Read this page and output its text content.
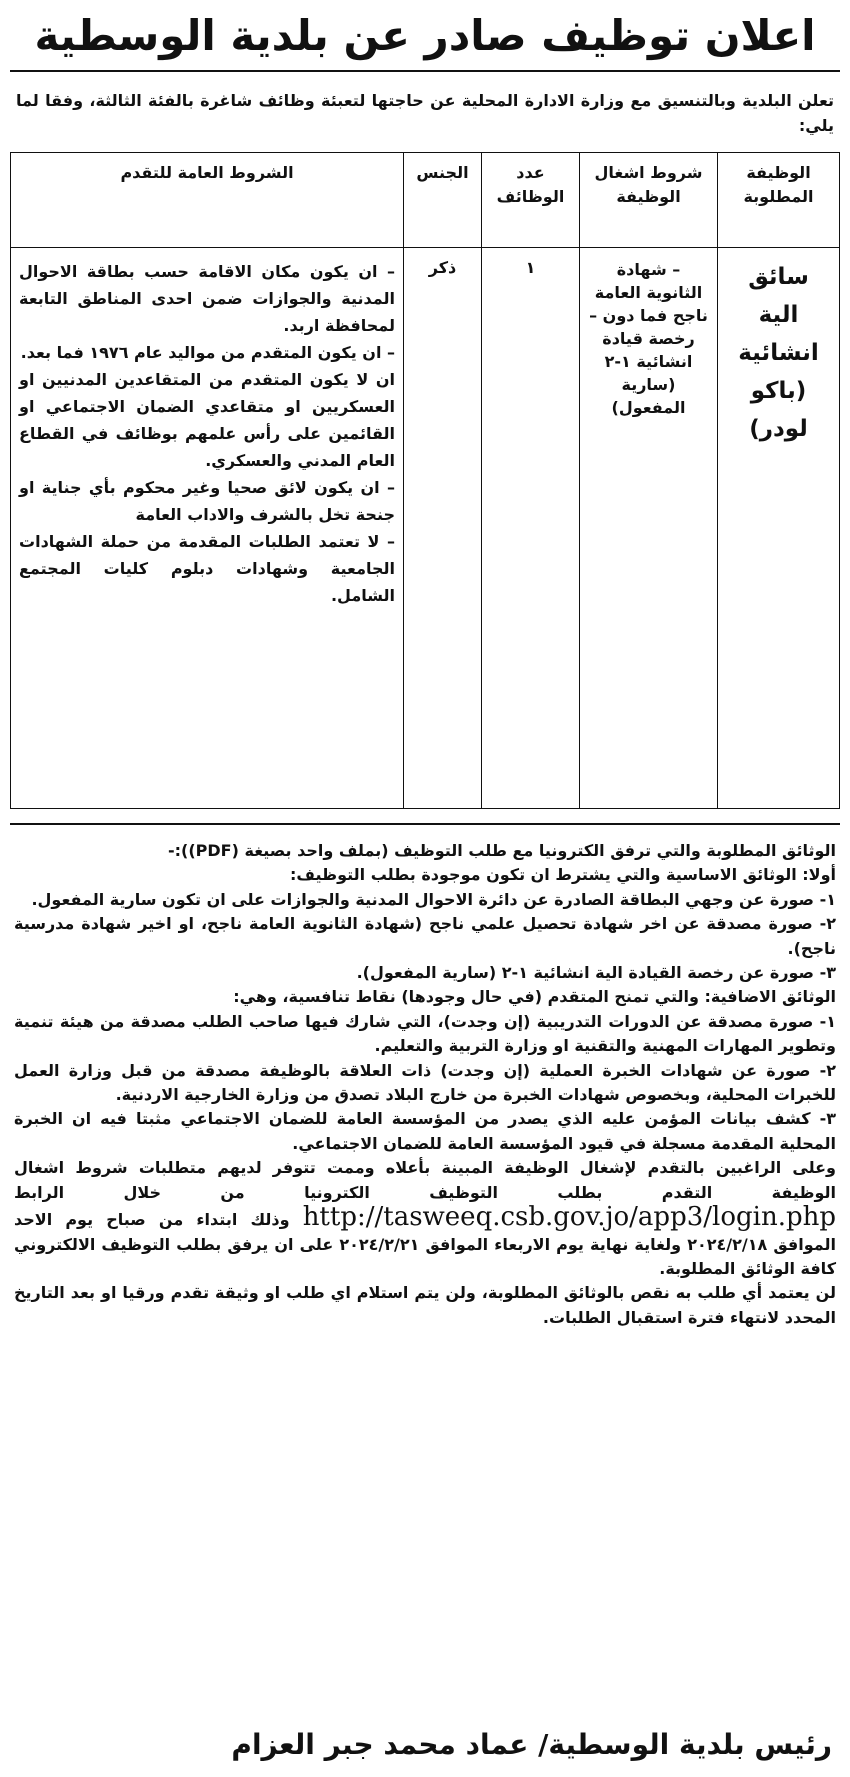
اعلان توظيف صادر عن بلدية الوسطية

تعلن البلدية وبالتنسيق مع وزارة الادارة المحلية عن حاجتها لتعبئة وظائف شاغرة بالفئة الثالثة، وفقا لما يلي:

الوظيفة المطلوبة	شروط اشغال الوظيفة	عدد الوظائف	الجنس	الشروط العامة للتقدم
سائق الية انشائية (باكو لودر)	– شهادة الثانوية العامة ناجح فما دون – رخصة قيادة انشائية ١-٢ (سارية المفعول)	١	ذكر	– ان يكون مكان الاقامة حسب بطاقة الاحوال المدنية والجوازات ضمن احدى المناطق التابعة لمحافظة اربد.
– ان يكون المتقدم من مواليد عام ١٩٧٦ فما بعد.
ان لا يكون المتقدم من المتقاعدين المدنيين او العسكريين او متقاعدي الضمان الاجتماعي او القائمين على رأس علمهم بوظائف في القطاع العام المدني والعسكري.
– ان يكون لائق صحيا وغير محكوم بأي جناية او جنحة تخل بالشرف والاداب العامة
– لا تعتمد الطلبات المقدمة من حملة الشهادات الجامعية وشهادات دبلوم كليات المجتمع الشامل.

الوثائق المطلوبة والتي ترفق الكترونيا مع طلب التوظيف (بملف واحد بصيغة (PDF)):-

أولا: الوثائق الاساسية والتي يشترط ان تكون موجودة بطلب التوظيف:

١- صورة عن وجهي البطاقة الصادرة عن دائرة الاحوال المدنية والجوازات على ان تكون سارية المفعول.

٢- صورة مصدقة عن اخر شهادة تحصيل علمي ناجح (شهادة الثانوية العامة ناجح، او اخير شهادة مدرسية ناجح).

٣- صورة عن رخصة القيادة الية انشائية ١-٢ (سارية المفعول).

الوثائق الاضافية: والتي تمنح المتقدم (في حال وجودها) نقاط تنافسية، وهي:

١- صورة مصدقة عن الدورات التدريبية (إن وجدت)، التي شارك فيها صاحب الطلب مصدقة من هيئة تنمية وتطوير المهارات المهنية والتقنية او وزارة التربية والتعليم.

٢- صورة عن شهادات الخبرة العملية (إن وجدت) ذات العلاقة بالوظيفة مصدقة من قبل وزارة العمل للخبرات المحلية، وبخصوص شهادات الخبرة من خارج البلاد تصدق من وزارة الخارجية الاردنية.

٣- كشف بيانات المؤمن عليه الذي يصدر من المؤسسة العامة للضمان الاجتماعي مثبتا فيه ان الخبرة المحلية المقدمة مسجلة في قيود المؤسسة العامة للضمان الاجتماعي.

وعلى الراغبين بالتقدم لإشغال الوظيفة المبينة بأعلاه وممت تتوفر لديهم متطلبات شروط اشغال الوظيفة التقدم بطلب التوظيف الكترونيا من خلال الرابط http://tasweeq.csb.gov.jo/app3/login.php وذلك ابتداء من صباح يوم الاحد الموافق ٢٠٢٤/٢/١٨ ولغاية نهاية يوم الاربعاء الموافق ٢٠٢٤/٢/٢١ على ان يرفق بطلب التوظيف الالكتروني كافة الوثائق المطلوبة.

لن يعتمد أي طلب به نقص بالوثائق المطلوبة، ولن يتم استلام اي طلب او وثيقة تقدم ورقيا او بعد التاريخ المحدد لانتهاء فترة استقبال الطلبات.

رئيس بلدية الوسطية/ عماد محمد جبر العزام
